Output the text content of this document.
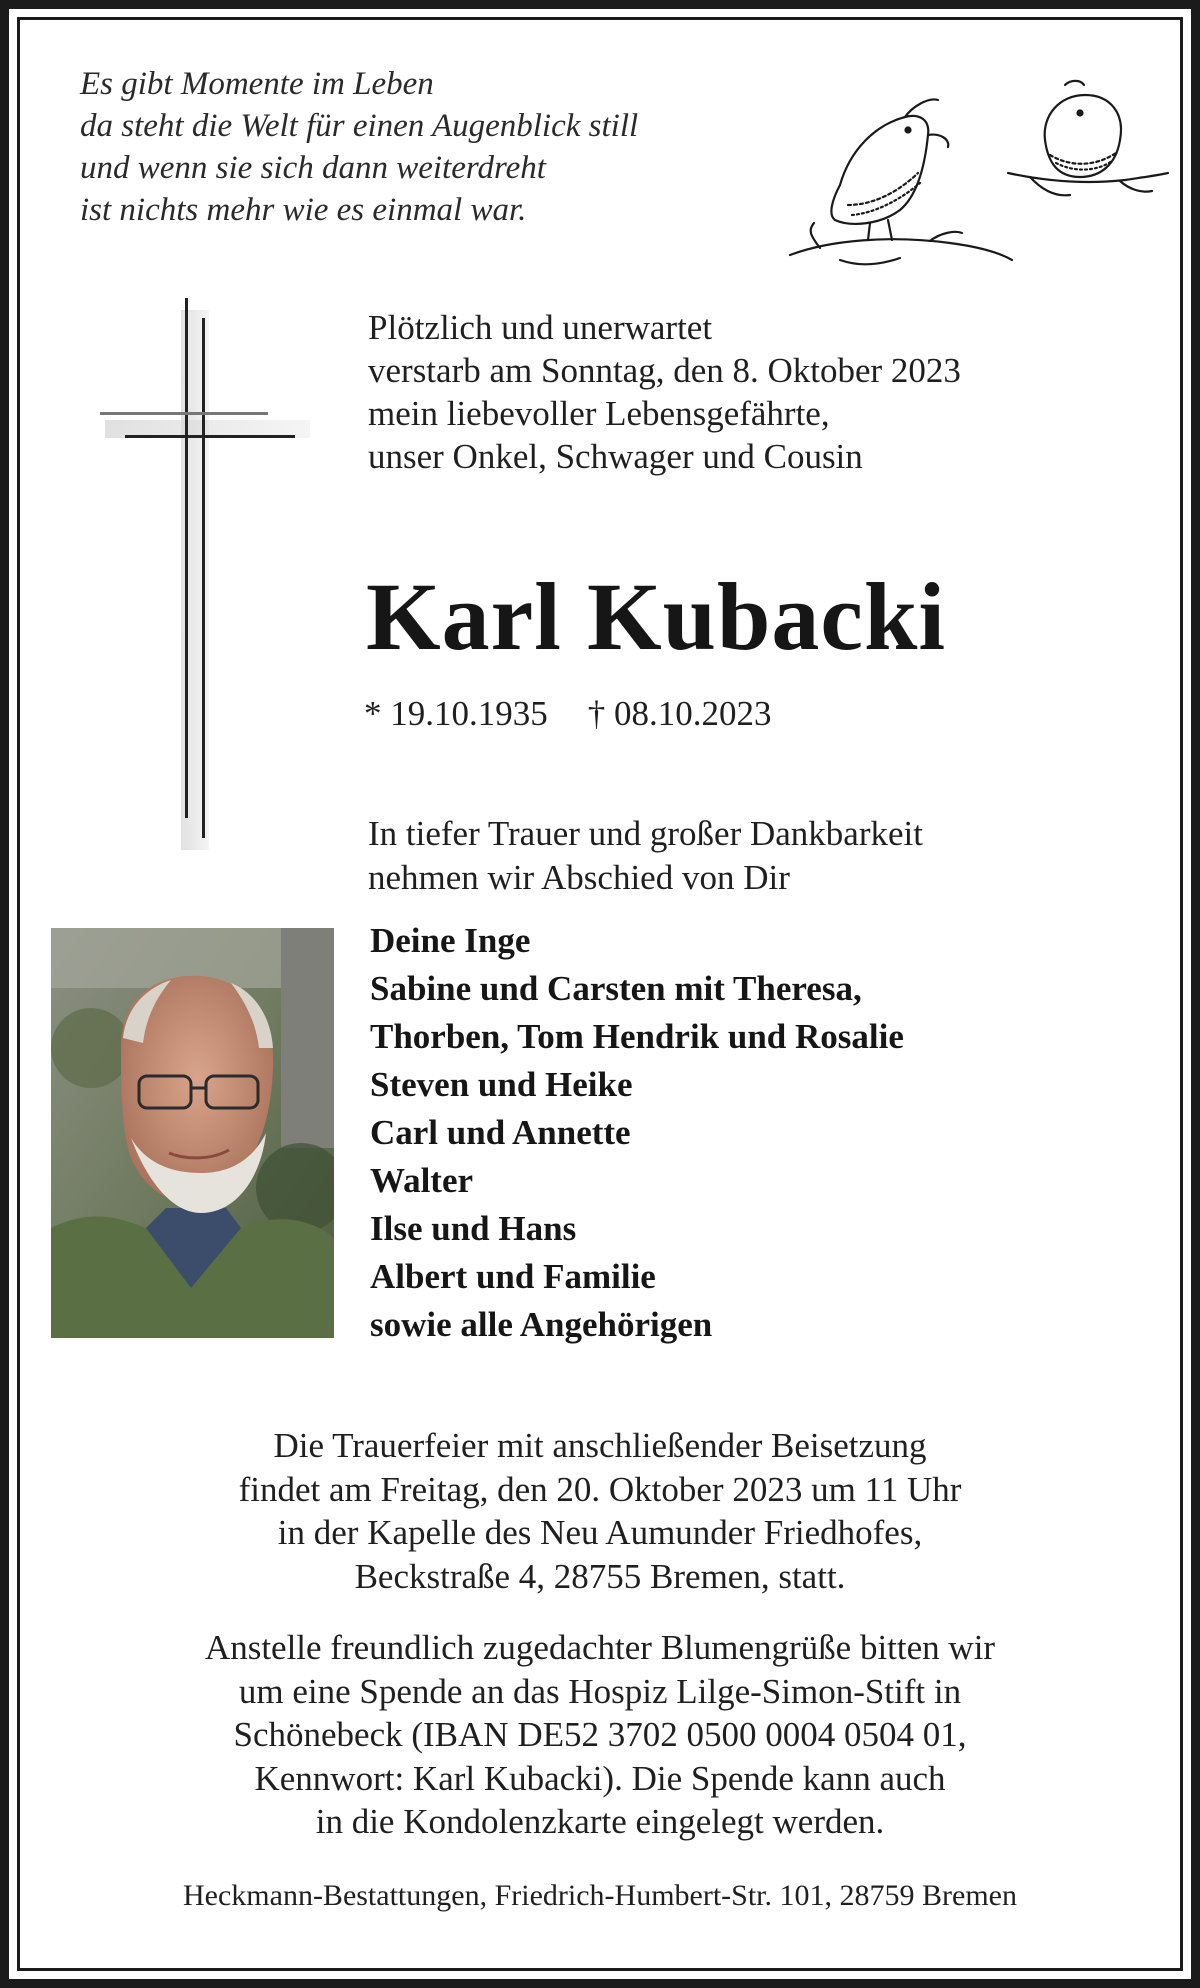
Es gibt Momente im Leben
da steht die Welt für einen Augenblick still
und wenn sie sich dann weiterdreht
ist nichts mehr wie es einmal war.
Plötzlich und unerwartet
verstarb am Sonntag, den 8. Oktober 2023
mein liebevoller Lebensgefährte,
unser Onkel, Schwager und Cousin
Karl Kubacki
* 19.10.1935 † 08.10.2023
In tiefer Trauer und großer Dankbarkeit
nehmen wir Abschied von Dir
Deine Inge
Sabine und Carsten mit Theresa,
Thorben, Tom Hendrik und Rosalie
Steven und Heike
Carl und Annette
Walter
Ilse und Hans
Albert und Familie
sowie alle Angehörigen
Die Trauerfeier mit anschließender Beisetzung
findet am Freitag, den 20. Oktober 2023 um 11 Uhr
in der Kapelle des Neu Aumunder Friedhofes,
Beckstraße 4, 28755 Bremen, statt.
Anstelle freundlich zugedachter Blumengrüße bitten wir
um eine Spende an das Hospiz Lilge-Simon-Stift in
Schönebeck (IBAN DE52 3702 0500 0004 0504 01,
Kennwort: Karl Kubacki). Die Spende kann auch
in die Kondolenzkarte eingelegt werden.
Heckmann-Bestattungen, Friedrich-Humbert-Str. 101, 28759 Bremen
